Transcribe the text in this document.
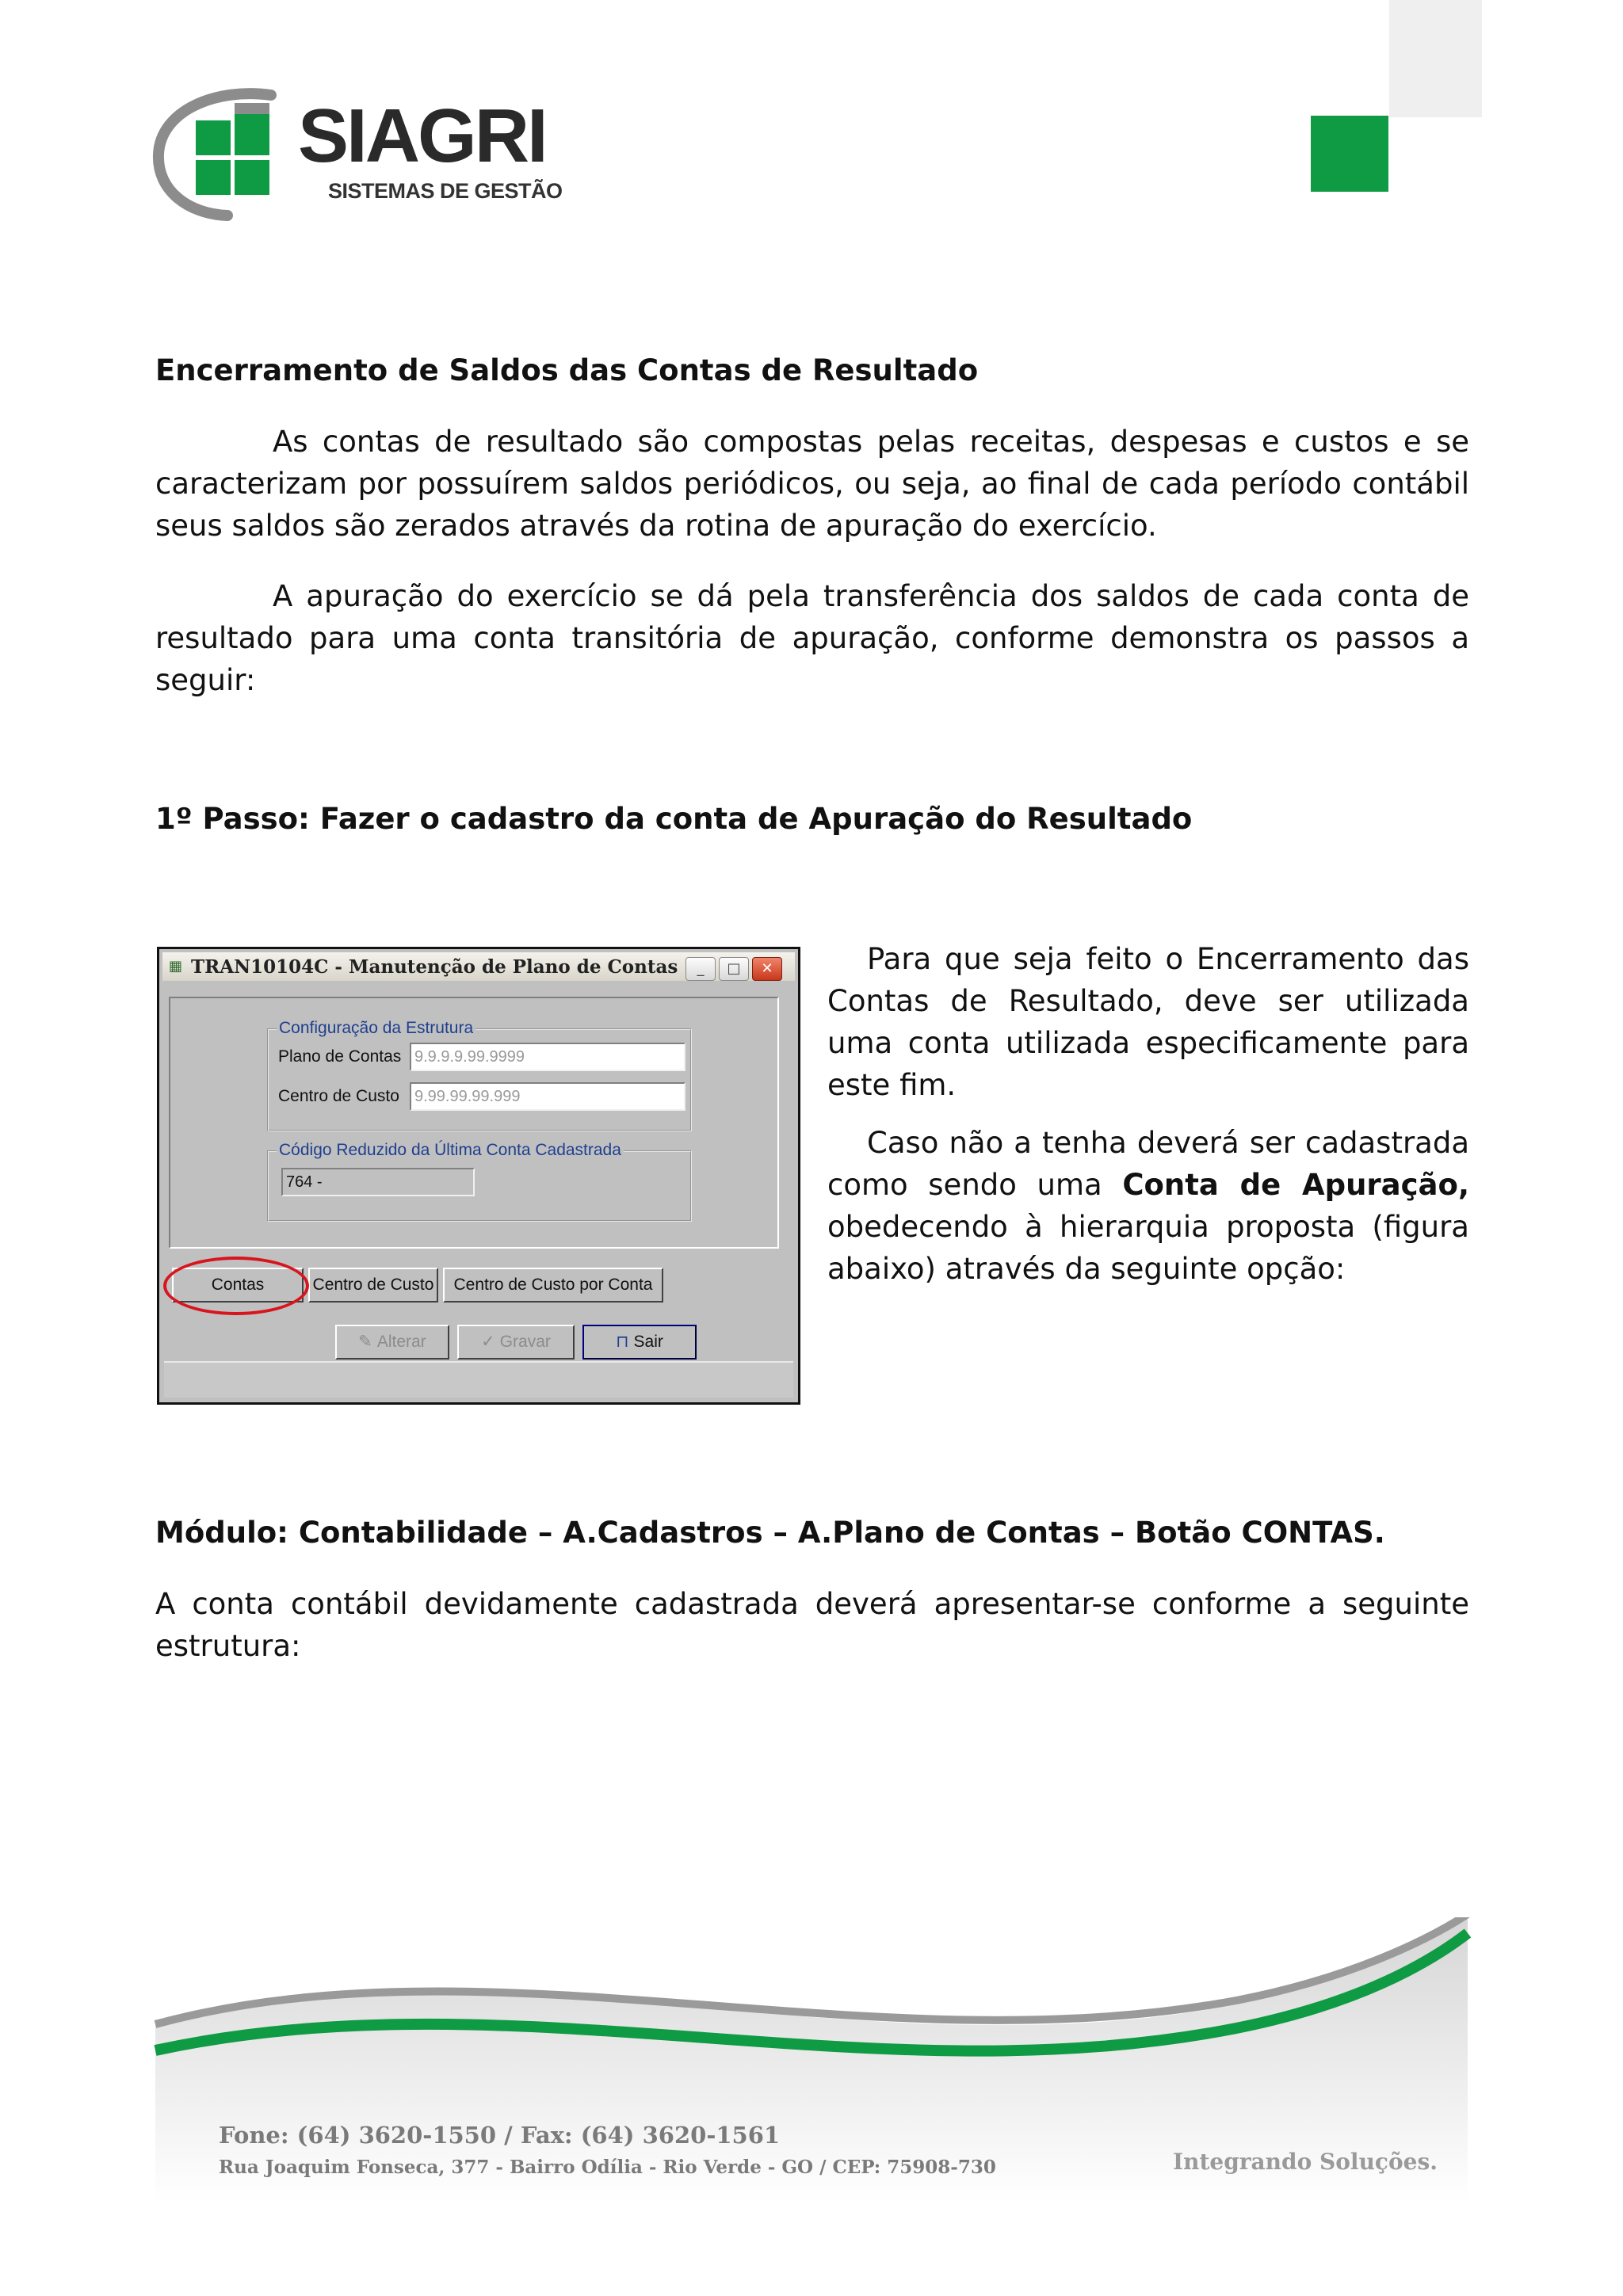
SIAGRI
SISTEMAS DE GESTÃO
Encerramento de Saldos das Contas de Resultado

As contas de resultado são compostas pelas receitas, despesas e custos e se caracterizam por possuírem saldos periódicos, ou seja, ao final de cada período contábil seus saldos são zerados através da rotina de apuração do exercício.

A apuração do exercício se dá pela transferência dos saldos de cada conta de resultado para uma conta transitória de apuração, conforme demonstra os passos a seguir:

1º Passo: Fazer o cadastro da conta de Apuração do Resultado
▦ TRAN10104C - Manutenção de Plano de Contas	_	□	✕
Configuração da Estrutura
Plano de Contas 9.9.9.9.99.9999
Centro de Custo 9.99.99.99.999
Código Reduzido da Última Conta Cadastrada
764 -
Contas	Centro de Custo	Centro de Custo por Conta
✎ Alterar	✓ Gravar	⊓ Sair

Para que seja feito o Encerramento das Contas de Resultado, deve ser utilizada uma conta utilizada especificamente para este fim.

Caso não a tenha deverá ser cadastrada como sendo uma Conta de Apuração, obedecendo à hierarquia proposta (figura abaixo) através da seguinte opção:

Módulo: Contabilidade – A.Cadastros – A.Plano de Contas – Botão CONTAS.

A conta contábil devidamente cadastrada deverá apresentar-se conforme a seguinte estrutura:

Fone: (64) 3620-1550 / Fax: (64) 3620-1561
Rua Joaquim Fonseca, 377 - Bairro Odília - Rio Verde - GO / CEP: 75908-730	Integrando Soluções.
